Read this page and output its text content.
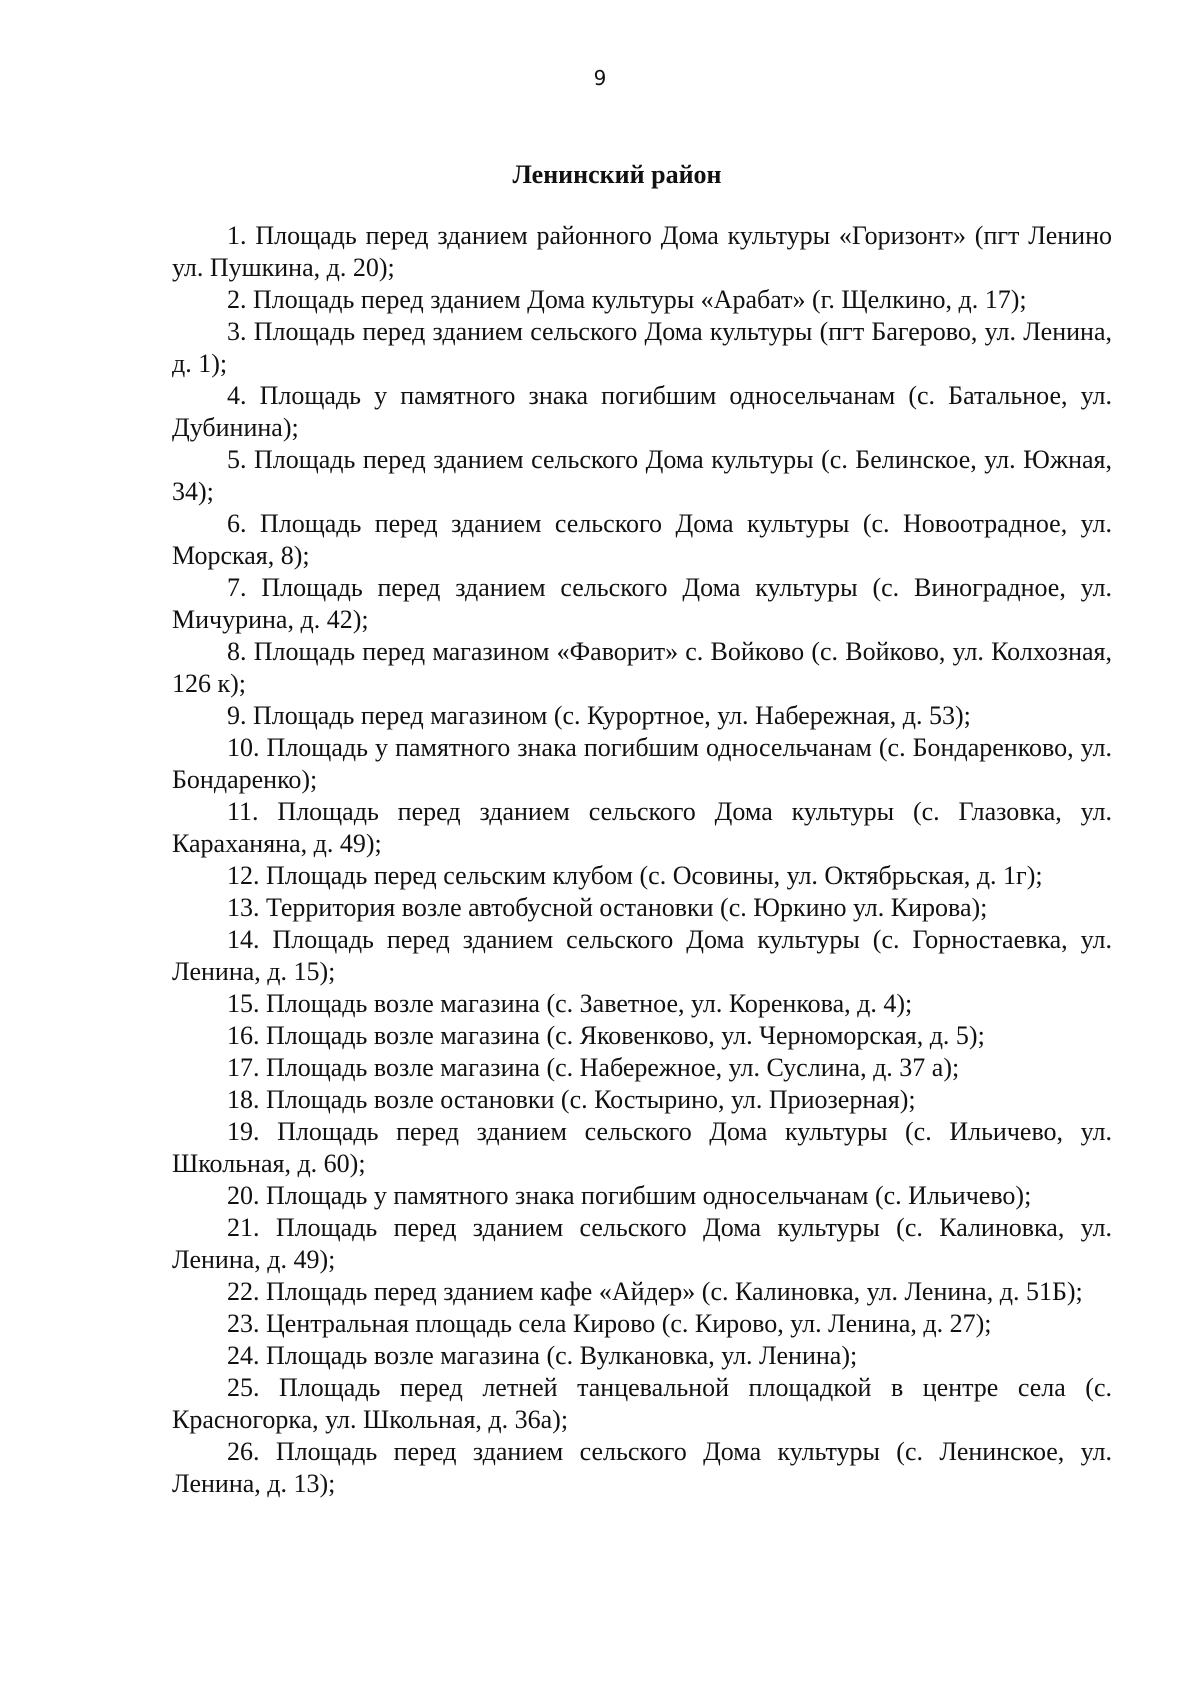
9
Ленинский район
1. Площадь перед зданием районного Дома культуры «Горизонт» (пгт Ленино ул. Пушкина, д. 20);
2. Площадь перед зданием Дома культуры «Арабат» (г. Щелкино, д. 17);
3. Площадь перед зданием сельского Дома культуры (пгт Багерово, ул. Ленина, д. 1);
4. Площадь у памятного знака погибшим односельчанам (с. Батальное, ул. Дубинина);
5. Площадь перед зданием сельского Дома культуры (с. Белинское, ул. Южная, 34);
6. Площадь перед зданием сельского Дома культуры (с. Новоотрадное, ул. Морская, 8);
7. Площадь перед зданием сельского Дома культуры (с. Виноградное, ул. Мичурина, д. 42);
8. Площадь перед магазином «Фаворит» с. Войково (с. Войково, ул. Колхозная, 126 к);
9. Площадь перед магазином (с. Курортное, ул. Набережная, д. 53);
10. Площадь у памятного знака погибшим односельчанам (с. Бондаренково, ул. Бондаренко);
11. Площадь перед зданием сельского Дома культуры (с. Глазовка, ул. Караханяна, д. 49);
12. Площадь перед сельским клубом (с. Осовины, ул. Октябрьская, д. 1г);
13. Территория возле автобусной остановки (с. Юркино ул. Кирова);
14. Площадь перед зданием сельского Дома культуры (с. Горностаевка, ул. Ленина, д. 15);
15. Площадь возле магазина (с. Заветное, ул. Коренкова, д. 4);
16. Площадь возле магазина (с. Яковенково, ул. Черноморская, д. 5);
17. Площадь возле магазина (с. Набережное, ул. Суслина, д. 37 а);
18. Площадь возле остановки (с. Костырино, ул. Приозерная);
19. Площадь перед зданием сельского Дома культуры (с. Ильичево, ул. Школьная, д. 60);
20. Площадь у памятного знака погибшим односельчанам (с. Ильичево);
21. Площадь перед зданием сельского Дома культуры (с. Калиновка, ул. Ленина, д. 49);
22. Площадь перед зданием кафе «Айдер» (с. Калиновка, ул. Ленина, д. 51Б);
23. Центральная площадь села Кирово (с. Кирово, ул. Ленина, д. 27);
24. Площадь возле магазина (с. Вулкановка, ул. Ленина);
25. Площадь перед летней танцевальной площадкой в центре села (с. Красногорка, ул. Школьная, д. 36а);
26. Площадь перед зданием сельского Дома культуры (с. Ленинское, ул. Ленина, д. 13);
